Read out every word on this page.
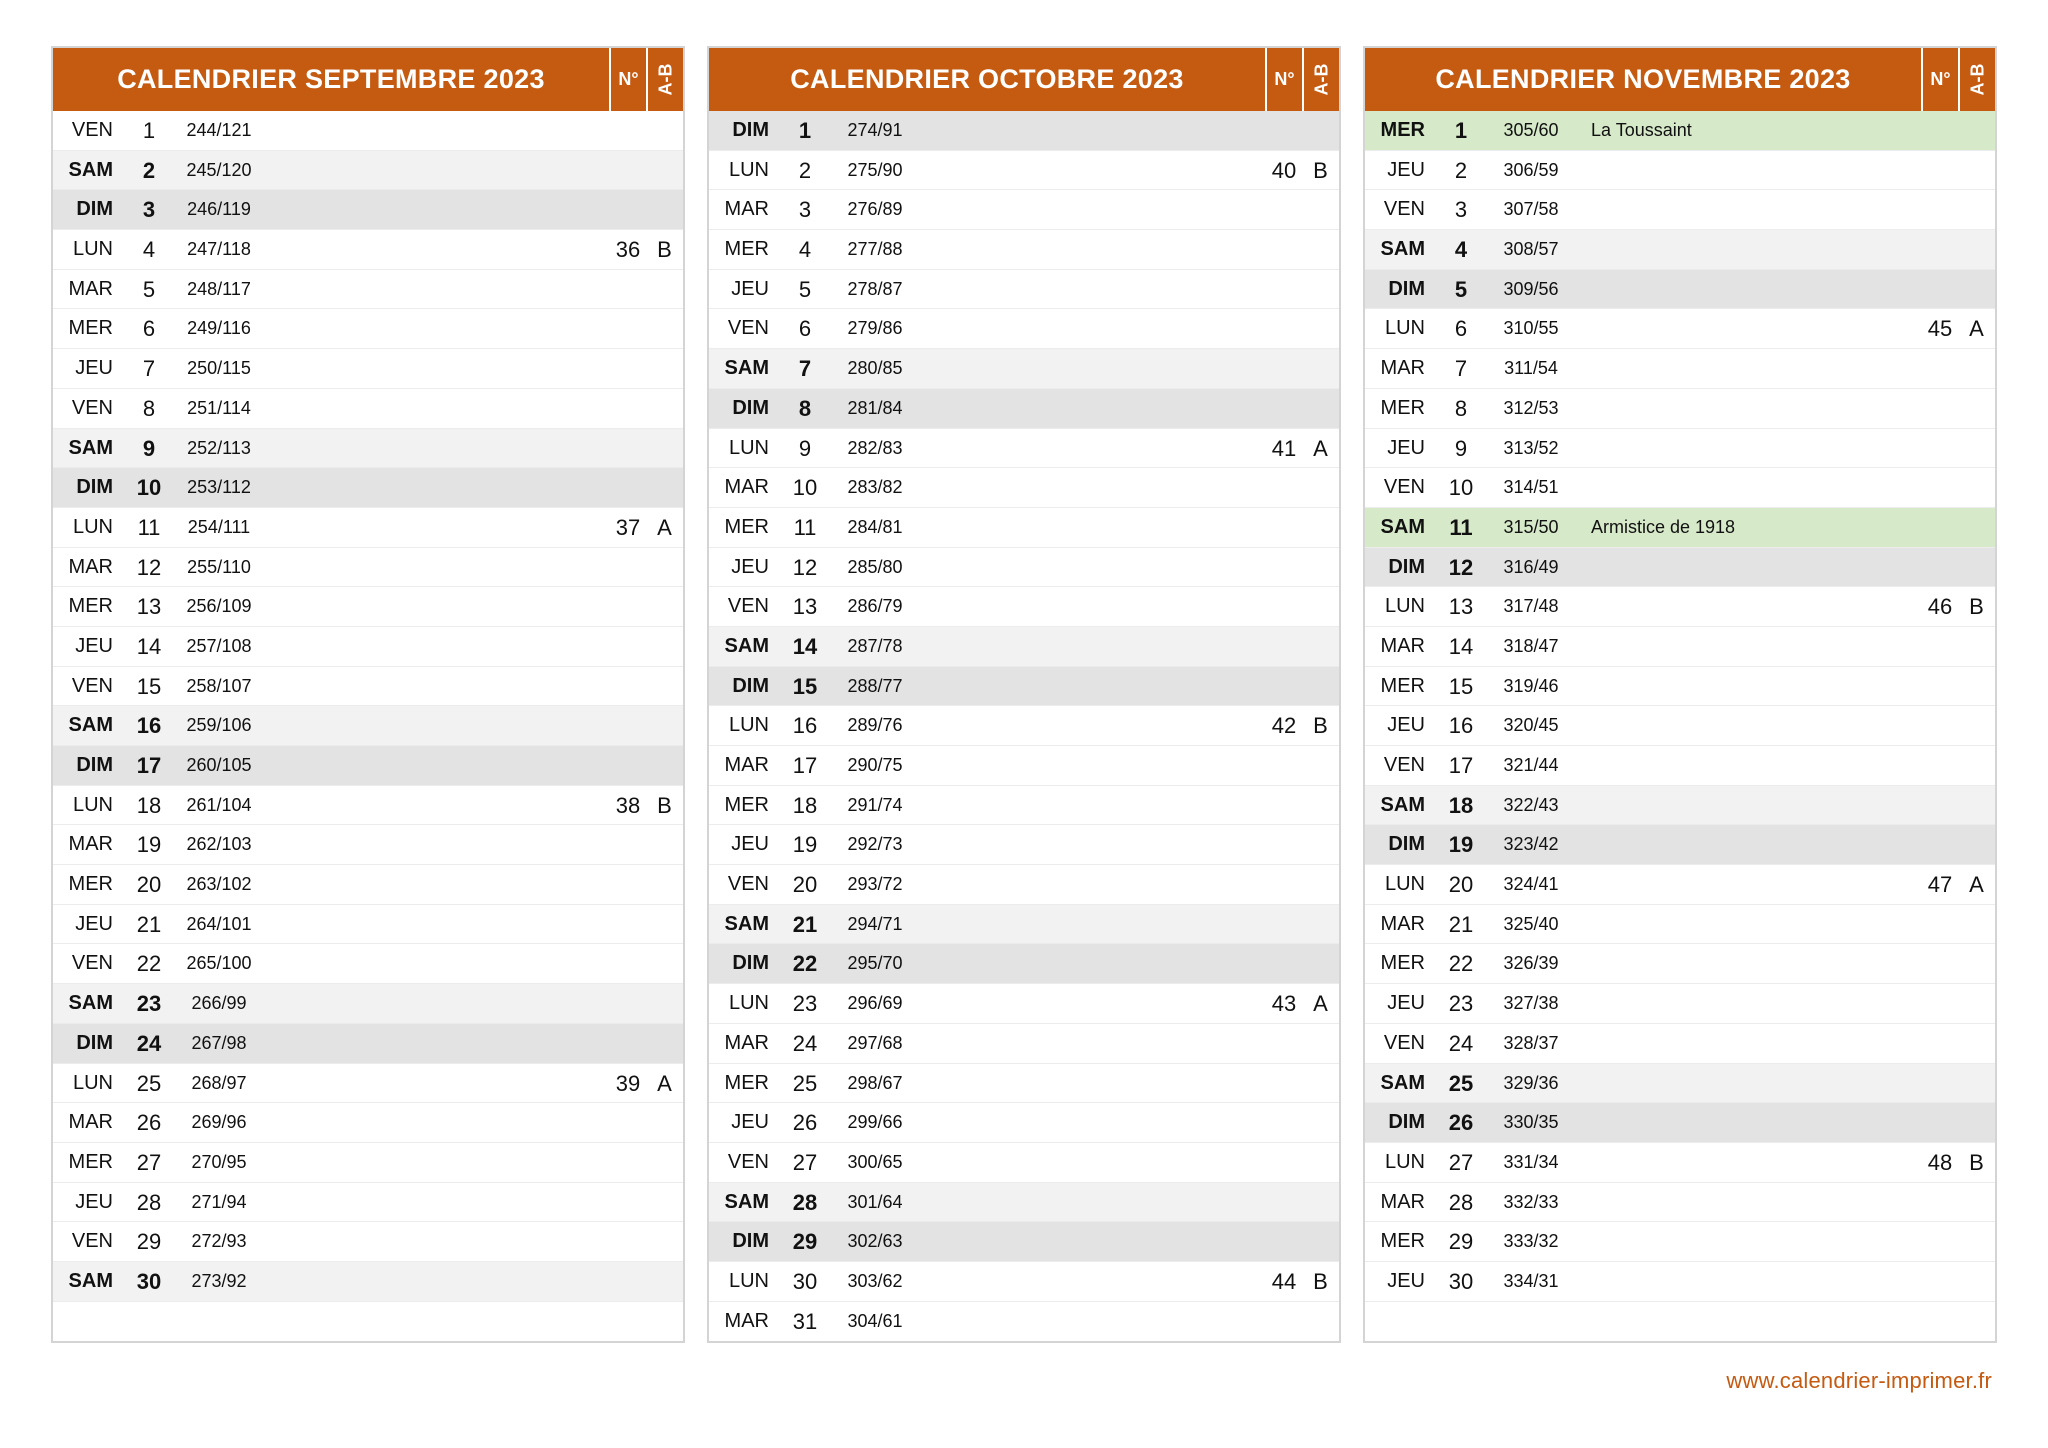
CALENDRIER SEPTEMBRE 2023	N° A-B
VEN	1	244/121
SAM	2	245/120
DIM	3	246/119
LUN	4	247/118	36 B
MAR	5	248/117
MER	6	249/116
JEU	7	250/115
VEN	8	251/114
SAM	9	252/113
DIM	10	253/112
LUN	11	254/111	37 A
MAR	12	255/110
MER	13	256/109
JEU	14	257/108
VEN	15	258/107
SAM	16	259/106
DIM	17	260/105
LUN	18	261/104	38 B
MAR	19	262/103
MER	20	263/102
JEU	21	264/101
VEN	22	265/100
SAM	23	266/99
DIM	24	267/98
LUN	25	268/97	39 A
MAR	26	269/96
MER	27	270/95
JEU	28	271/94
VEN	29	272/93
SAM	30	273/92
CALENDRIER OCTOBRE 2023	N° A-B
DIM	1	274/91
LUN	2	275/90	40 B
MAR	3	276/89
MER	4	277/88
JEU	5	278/87
VEN	6	279/86
SAM	7	280/85
DIM	8	281/84
LUN	9	282/83	41 A
MAR	10	283/82
MER	11	284/81
JEU	12	285/80
VEN	13	286/79
SAM	14	287/78
DIM	15	288/77
LUN	16	289/76	42 B
MAR	17	290/75
MER	18	291/74
JEU	19	292/73
VEN	20	293/72
SAM	21	294/71
DIM	22	295/70
LUN	23	296/69	43 A
MAR	24	297/68
MER	25	298/67
JEU	26	299/66
VEN	27	300/65
SAM	28	301/64
DIM	29	302/63
LUN	30	303/62	44 B
MAR	31	304/61
CALENDRIER NOVEMBRE 2023	N° A-B
MER	1	305/60	La Toussaint
JEU	2	306/59
VEN	3	307/58
SAM	4	308/57
DIM	5	309/56
LUN	6	310/55	45 A
MAR	7	311/54
MER	8	312/53
JEU	9	313/52
VEN	10	314/51
SAM	11	315/50	Armistice de 1918
DIM	12	316/49
LUN	13	317/48	46 B
MAR	14	318/47
MER	15	319/46
JEU	16	320/45
VEN	17	321/44
SAM	18	322/43
DIM	19	323/42
LUN	20	324/41	47 A
MAR	21	325/40
MER	22	326/39
JEU	23	327/38
VEN	24	328/37
SAM	25	329/36
DIM	26	330/35
LUN	27	331/34	48 B
MAR	28	332/33
MER	29	333/32
JEU	30	334/31
www.calendrier-imprimer.fr
